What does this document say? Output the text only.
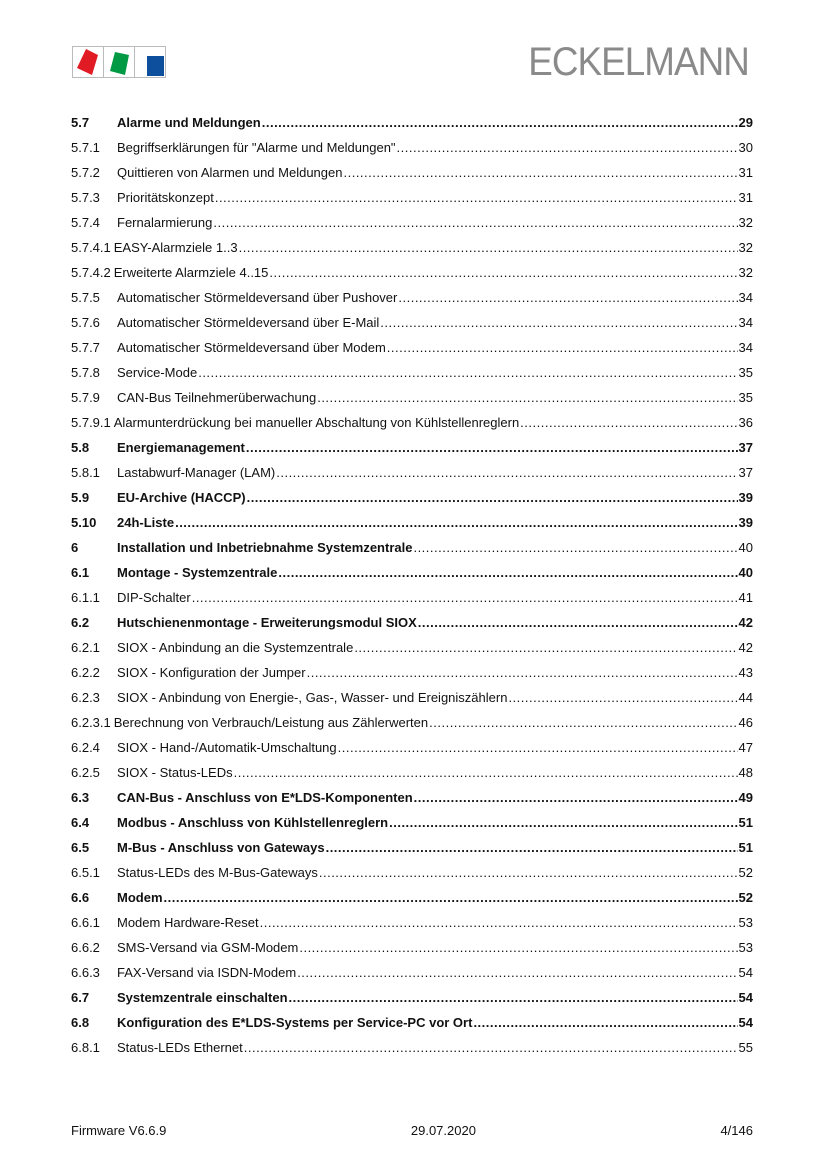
ECKELMANN
5.7	Alarme und Meldungen .....	29
5.7.1	Begriffserklärungen für "Alarme und Meldungen" .....	30
5.7.2	Quittieren von Alarmen und Meldungen .....	31
5.7.3	Prioritätskonzept .....	31
5.7.4	Fernalarmierung .....	32
5.7.4.1 EASY-Alarmziele 1..3 .....	32
5.7.4.2 Erweiterte Alarmziele 4..15 .....	32
5.7.5	Automatischer Störmeldeversand über Pushover .....	34
5.7.6	Automatischer Störmeldeversand über E-Mail .....	34
5.7.7	Automatischer Störmeldeversand über Modem .....	34
5.7.8	Service-Mode .....	35
5.7.9	CAN-Bus Teilnehmerüberwachung .....	35
5.7.9.1 Alarmunterdrückung bei manueller Abschaltung von Kühlstellenreglern .....	36
5.8	Energiemanagement .....	37
5.8.1	Lastabwurf-Manager (LAM) .....	37
5.9	EU-Archive (HACCP) .....	39
5.10	24h-Liste .....	39
6	Installation und Inbetriebnahme Systemzentrale .....	40
6.1	Montage - Systemzentrale .....	40
6.1.1	DIP-Schalter .....	41
6.2	Hutschienenmontage - Erweiterungsmodul SIOX .....	42
6.2.1	SIOX - Anbindung an die Systemzentrale .....	42
6.2.2	SIOX - Konfiguration der Jumper .....	43
6.2.3	SIOX - Anbindung von Energie-, Gas-, Wasser- und Ereigniszählern .....	44
6.2.3.1 Berechnung von Verbrauch/Leistung aus Zählerwerten .....	46
6.2.4	SIOX - Hand-/Automatik-Umschaltung .....	47
6.2.5	SIOX - Status-LEDs .....	48
6.3	CAN-Bus - Anschluss von E*LDS-Komponenten .....	49
6.4	Modbus - Anschluss von Kühlstellenreglern .....	51
6.5	M-Bus - Anschluss von Gateways .....	51
6.5.1	Status-LEDs des M-Bus-Gateways .....	52
6.6	Modem .....	52
6.6.1	Modem Hardware-Reset .....	53
6.6.2	SMS-Versand via GSM-Modem .....	53
6.6.3	FAX-Versand via ISDN-Modem .....	54
6.7	Systemzentrale einschalten .....	54
6.8	Konfiguration des E*LDS-Systems per Service-PC vor Ort .....	54
6.8.1	Status-LEDs Ethernet .....	55
Firmware V6.6.9	29.07.2020	4/146
